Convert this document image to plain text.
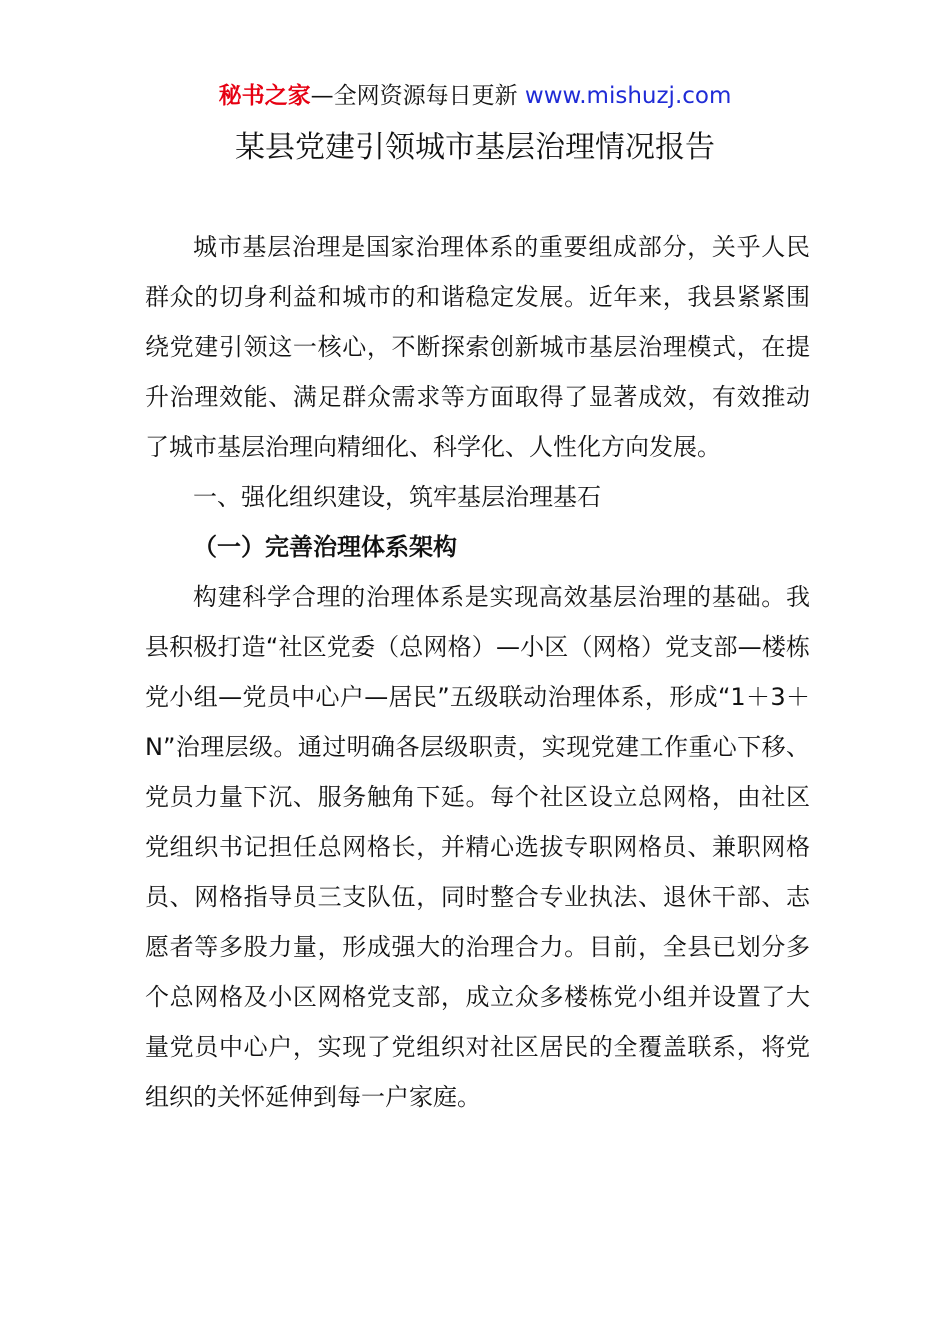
秘书之家—全网资源每日更新 www.mishuzj.com
某县党建引领城市基层治理情况报告

城市基层治理是国家治理体系的重要组成部分，关乎人民群众的切身利益和城市的和谐稳定发展。近年来，我县紧紧围绕党建引领这一核心，不断探索创新城市基层治理模式，在提升治理效能、满足群众需求等方面取得了显著成效，有效推动了城市基层治理向精细化、科学化、人性化方向发展。

一、强化组织建设，筑牢基层治理基石

（一）完善治理体系架构

构建科学合理的治理体系是实现高效基层治理的基础。我县积极打造“社区党委（总网格）—小区（网格）党支部—楼栋党小组—党员中心户—居民”五级联动治理体系，形成“1＋3＋N”治理层级。通过明确各层级职责，实现党建工作重心下移、党员力量下沉、服务触角下延。每个社区设立总网格，由社区党组织书记担任总网格长，并精心选拔专职网格员、兼职网格员、网格指导员三支队伍，同时整合专业执法、退休干部、志愿者等多股力量，形成强大的治理合力。目前，全县已划分多个总网格及小区网格党支部，成立众多楼栋党小组并设置了大量党员中心户，实现了党组织对社区居民的全覆盖联系，将党组织的关怀延伸到每一户家庭。
